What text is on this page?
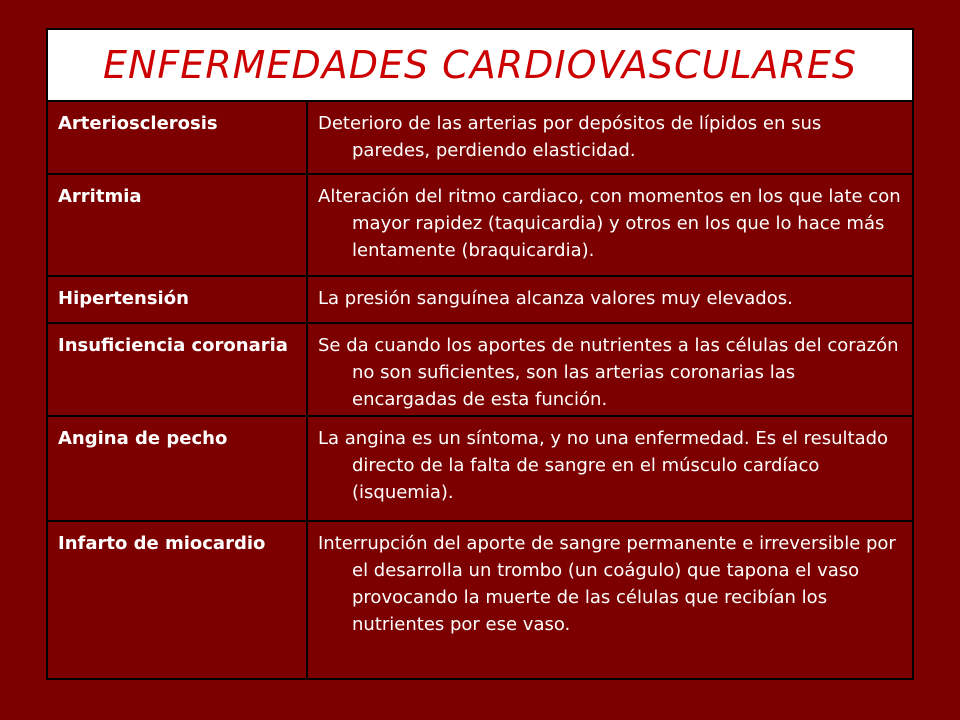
ENFERMEDADES CARDIOVASCULARES
Arteriosclerosis	Deterioro de las arterias por depósitos de lípidos en sus paredes, perdiendo elasticidad.
Arritmia	Alteración del ritmo cardiaco, con momentos en los que late con mayor rapidez (taquicardia) y otros en los que lo hace más lentamente (braquicardia).
Hipertensión	La presión sanguínea alcanza valores muy elevados.
Insuficiencia coronaria	Se da cuando los aportes de nutrientes a las células del corazón no son suficientes, son las arterias coronarias las encargadas de esta función.
Angina de pecho	La angina es un síntoma, y no una enfermedad. Es el resultado directo de la falta de sangre en el músculo cardíaco (isquemia).
Infarto de miocardio	Interrupción del aporte de sangre permanente e irreversible por el desarrolla un trombo (un coágulo) que tapona el vaso provocando la muerte de las células que recibían los nutrientes por ese vaso.
